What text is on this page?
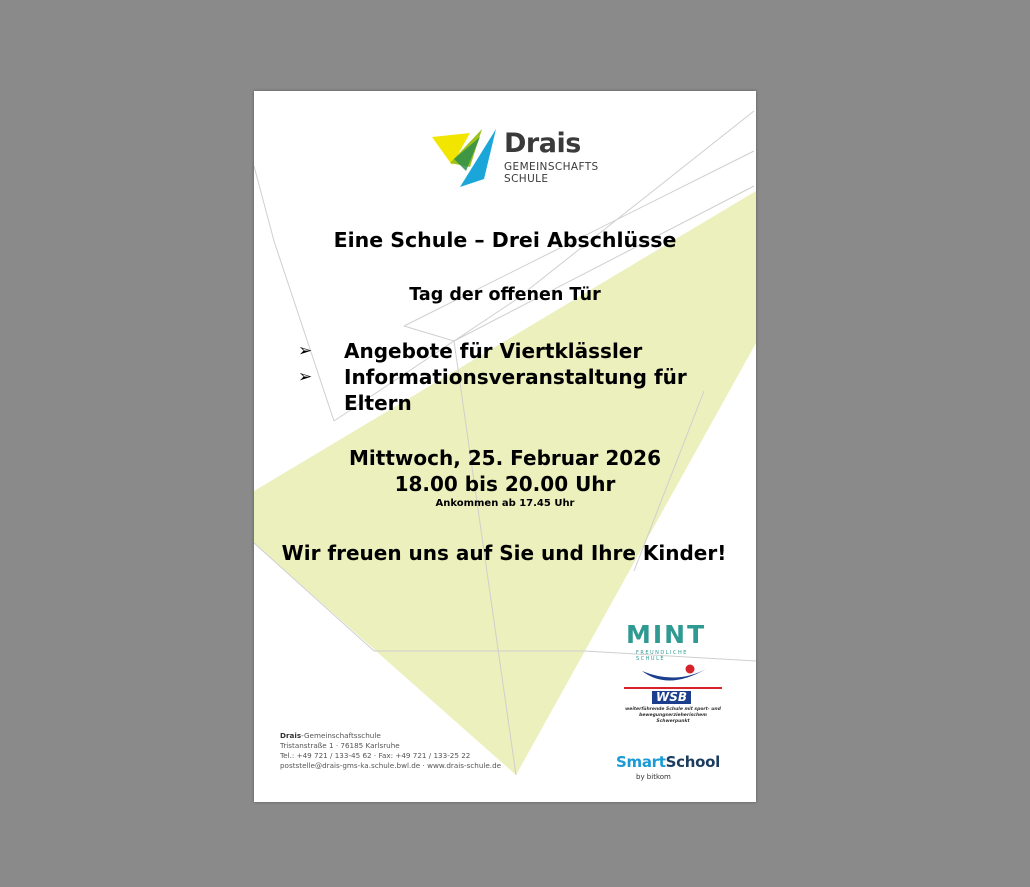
Drais
GEMEINSCHAFTS
SCHULE

Eine Schule – Drei Abschlüsse

Tag der offenen Tür

➢ Angebote für Viertklässler
➢ Informationsveranstaltung für Eltern

Mittwoch, 25. Februar 2026

18.00 bis 20.00 Uhr

Ankommen ab 17.45 Uhr

Wir freuen uns auf Sie und Ihre Kinder!

Drais-Gemeinschaftsschule
Tristanstraße 1 · 76185 Karlsruhe
Tel.: +49 721 / 133-45 62 · Fax: +49 721 / 133-25 22
poststelle@drais-gms-ka.schule.bwl.de · www.drais-schule.de
MINT
FREUNDLICHE SCHULE
WSB
weiterführende Schule mit sport- und bewegungserzieherischem Schwerpunkt
SmartSchool
by bitkom
